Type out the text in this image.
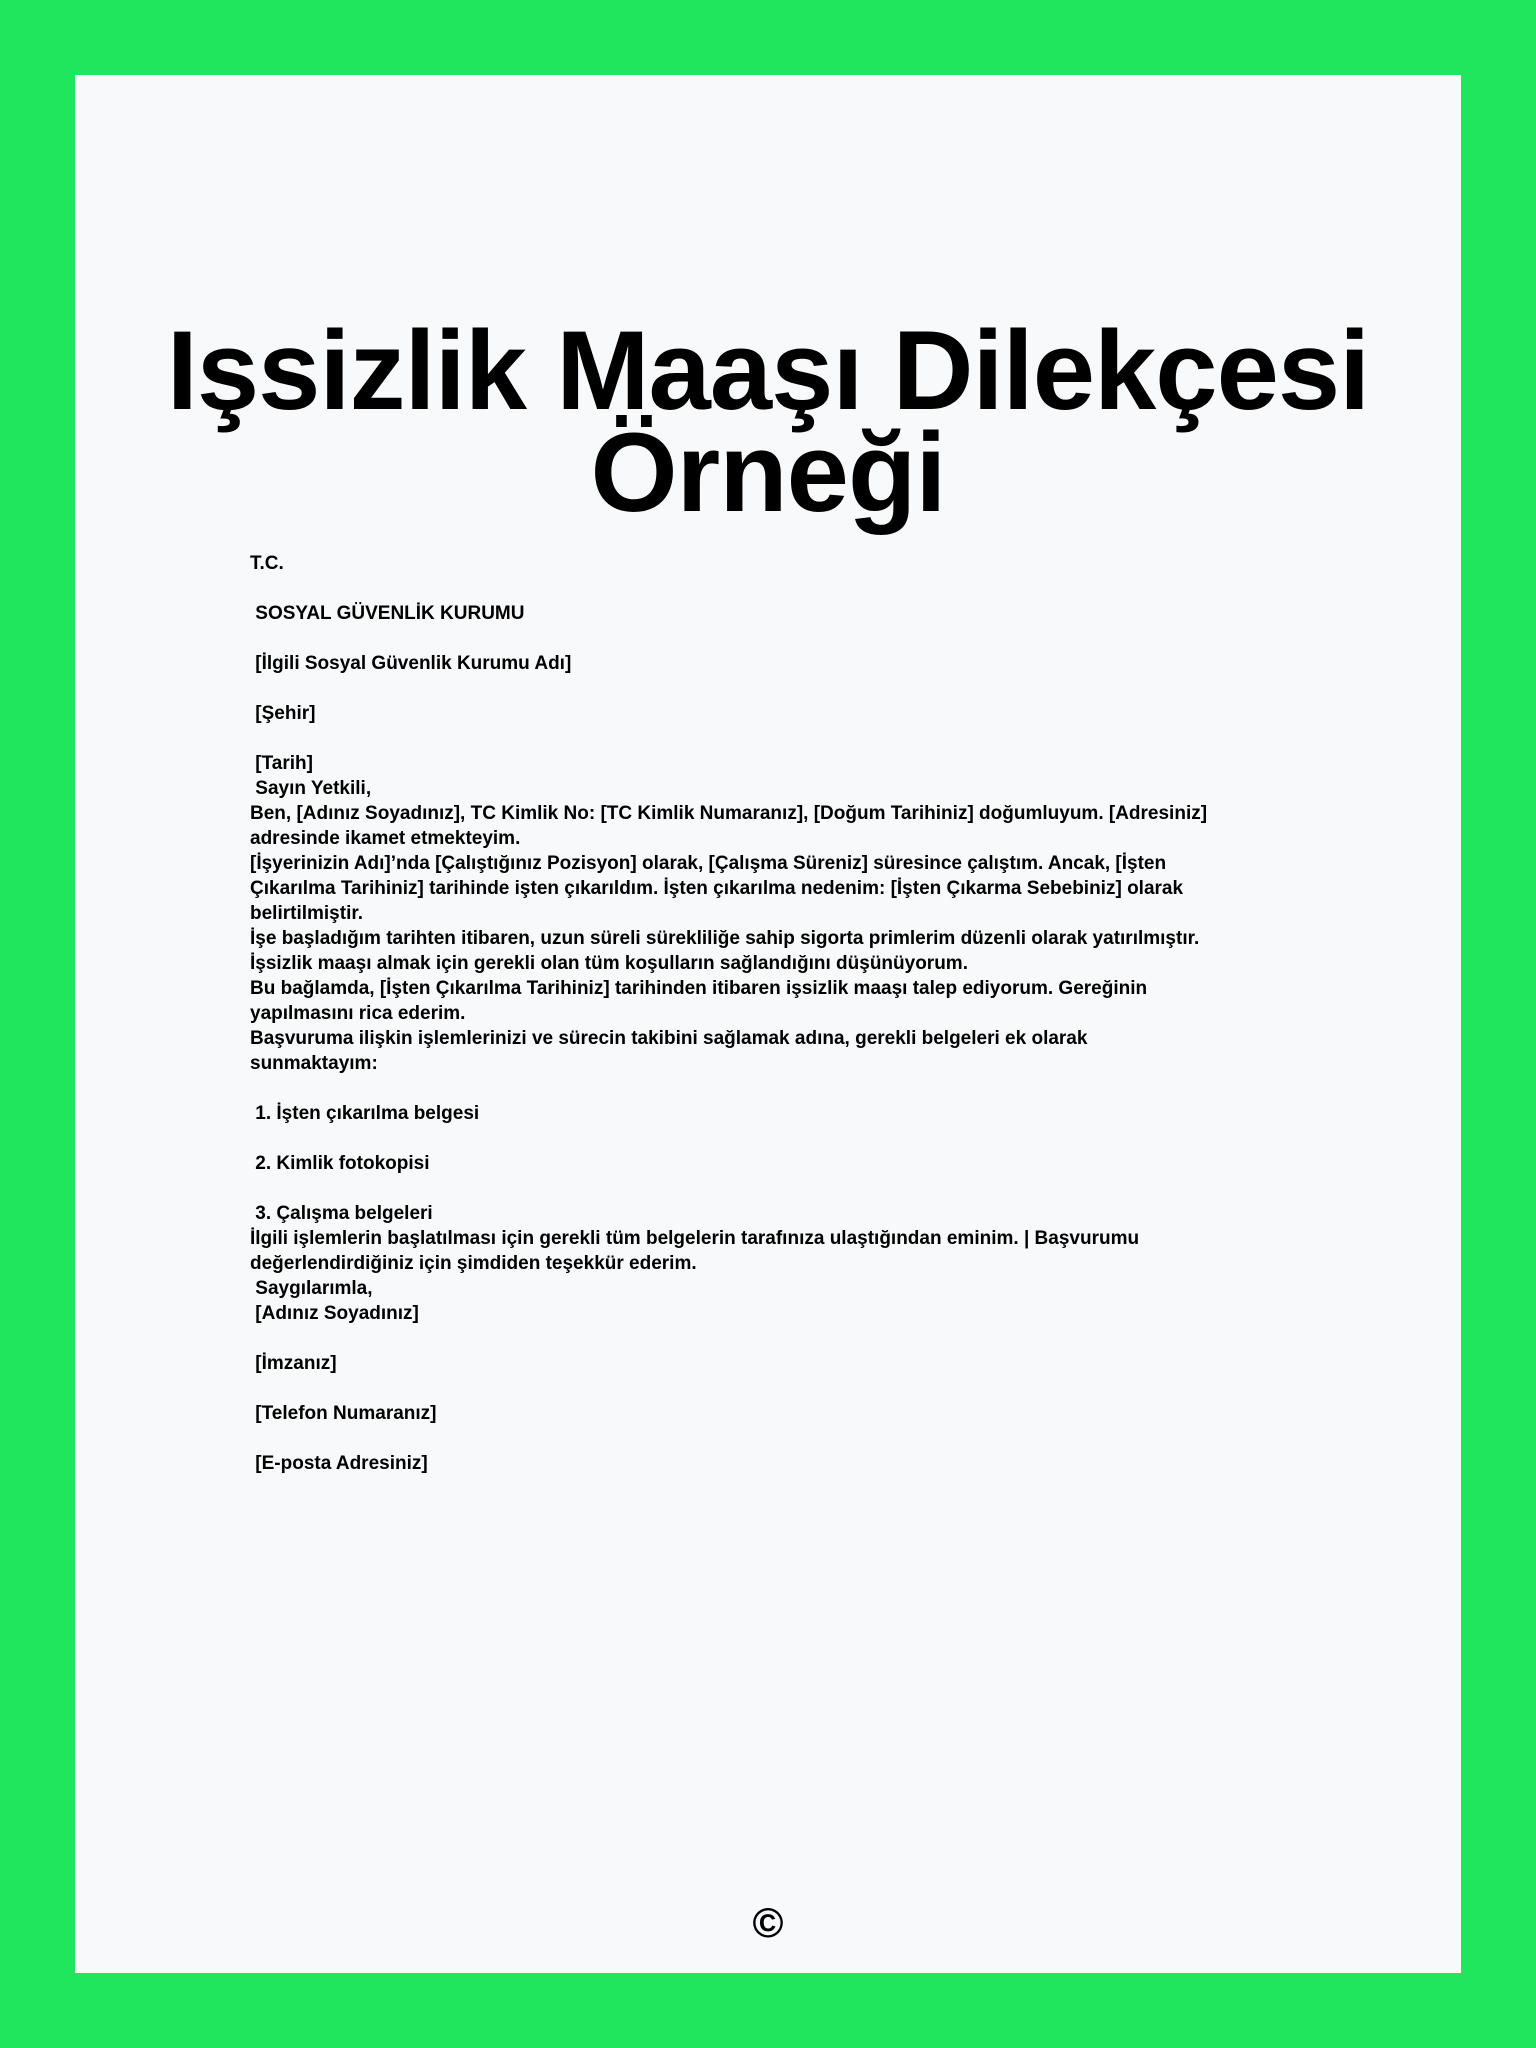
Işsizlik Maaşı Dilekçesi
Örneği
T.C.
SOSYAL GÜVENLİK KURUMU
[İlgili Sosyal Güvenlik Kurumu Adı]
[Şehir]
[Tarih]
Sayın Yetkili,
Ben, [Adınız Soyadınız], TC Kimlik No: [TC Kimlik Numaranız], [Doğum Tarihiniz] doğumluyum. [Adresiniz]
adresinde ikamet etmekteyim.
[İşyerinizin Adı]’nda [Çalıştığınız Pozisyon] olarak, [Çalışma Süreniz] süresince çalıştım. Ancak, [İşten
Çıkarılma Tarihiniz] tarihinde işten çıkarıldım. İşten çıkarılma nedenim: [İşten Çıkarma Sebebiniz] olarak
belirtilmiştir.
İşe başladığım tarihten itibaren, uzun süreli sürekliliğe sahip sigorta primlerim düzenli olarak yatırılmıştır.
İşsizlik maaşı almak için gerekli olan tüm koşulların sağlandığını düşünüyorum.
Bu bağlamda, [İşten Çıkarılma Tarihiniz] tarihinden itibaren işsizlik maaşı talep ediyorum. Gereğinin
yapılmasını rica ederim.
Başvuruma ilişkin işlemlerinizi ve sürecin takibini sağlamak adına, gerekli belgeleri ek olarak
sunmaktayım:
1. İşten çıkarılma belgesi
2. Kimlik fotokopisi
3. Çalışma belgeleri
İlgili işlemlerin başlatılması için gerekli tüm belgelerin tarafınıza ulaştığından eminim. | Başvurumu
değerlendirdiğiniz için şimdiden teşekkür ederim.
Saygılarımla,
[Adınız Soyadınız]
[İmzanız]
[Telefon Numaranız]
[E-posta Adresiniz]
©
